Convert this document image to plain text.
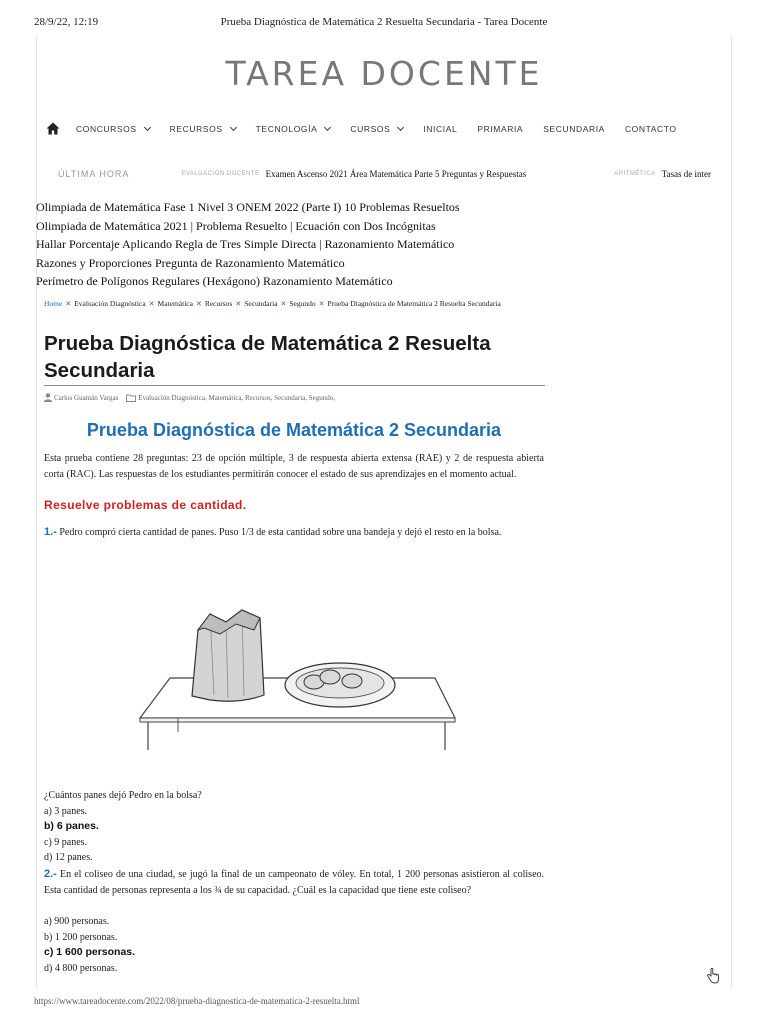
28/9/22, 12:19	Prueba Diagnóstica de Matemática 2 Resuelta Secundaria - Tarea Docente
TAREA DOCENTE
CONCURSOS	RECURSOS	TECNOLOGÍA	CURSOS	INICIAL PRIMARIA SECUNDARIA CONTACTO
ÚLTIMA HORA	EVALUACIÓN DOCENTE Examen Ascenso 2021 Área Matemática Parte 5 Preguntas y Respuestas	ARITMÉTICA Tasas de inter
Olimpiada de Matemática Fase 1 Nivel 3 ONEM 2022 (Parte I) 10 Problemas Resueltos
Olimpiada de Matemática 2021 | Problema Resuelto | Ecuación con Dos Incógnitas
Hallar Porcentaje Aplicando Regla de Tres Simple Directa | Razonamiento Matemático
Razones y Proporciones Pregunta de Razonamiento Matemático
Perímetro de Polígonos Regulares (Hexágono) Razonamiento Matemático
Home ✕ Evaluación Diagnóstica ✕ Matemática ✕ Recursos ✕ Secundaria ✕ Segundo ✕ Prueba Diagnóstica de Matemática 2 Resuelta Secundaria
Prueba Diagnóstica de Matemática 2 Resuelta Secundaria
Carlos Guamán Vargas	Evaluación Diagnóstica, Matemática, Recursos, Secundaria, Segundo,
Prueba Diagnóstica de Matemática 2 Secundaria

Esta prueba contiene 28 preguntas: 23 de opción múltiple, 3 de respuesta abierta extensa (RAE) y 2 de respuesta abierta corta (RAC). Las respuestas de los estudiantes permitirán conocer el estado de sus aprendizajes en el momento actual.

Resuelve problemas de cantidad.
1.- Pedro compró cierta cantidad de panes. Puso 1/3 de esta cantidad sobre una bandeja y dejó el resto en la bolsa.
¿Cuántos panes dejó Pedro en la bolsa?
a) 3 panes.
b) 6 panes.
c) 9 panes.
d) 12 panes.
2.- En el coliseo de una ciudad, se jugó la final de un campeonato de vóley. En total, 1 200 personas asistieron al coliseo. Esta cantidad de personas representa a los ¾ de su capacidad. ¿Cuál es la capacidad que tiene este coliseo?
a) 900 personas.
b) 1 200 personas.
c) 1 600 personas.
d) 4 800 personas.
https://www.tareadocente.com/2022/08/prueba-diagnostica-de-matematica-2-resuelta.html
